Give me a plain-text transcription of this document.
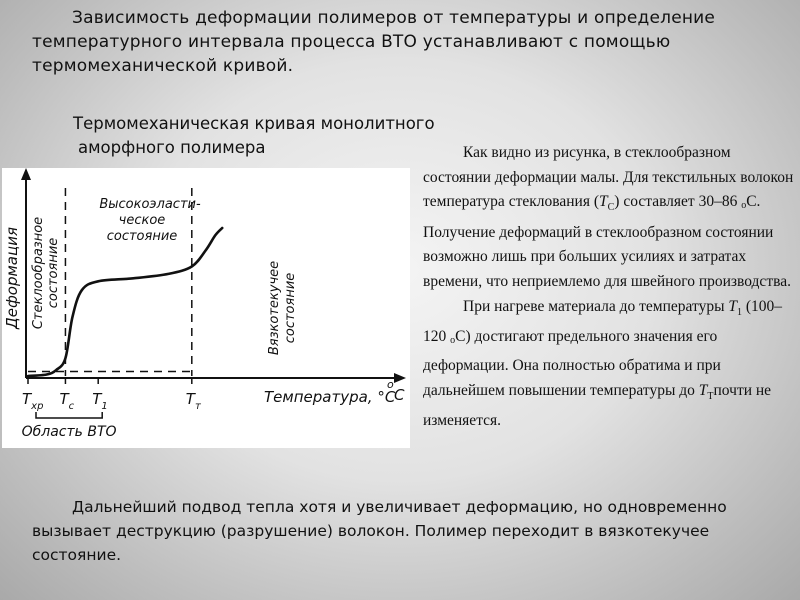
Зависимость деформации полимеров от температуры и определение
температурного интервала процесса ВТО устанавливают с помощью
термомеханической кривой.
Термомеханическая кривая монолитного
аморфного полимера
Деформация Стеклообразное состояние
Высокоэласти-
ческое
состояние
Вязкотекучее состояние
Температура, °C
о
C
$T_{хр}$ $T_с$ $T_1$	$T_т$
Область ВТО

Как видно из рисунка, в стеклообразном состоянии деформации малы. Для текстильных волокон температура стеклования $(Т_С)$ составляет 30–86 $_о$С. Получение деформаций в стеклообразном состоянии возможно лишь при больших усилиях и затратах времени, что неприемлемо для швейного производства.

При нагреве материала до температуры $Т_1$ (100–120 $_о$С) достигают предельного значения его деформации. Она полностью обратима и при дальнейшем повышении температуры до $Т_Тпочти$ не изменяется.

Дальнейший подвод тепла хотя и увеличивает деформацию, но одновременно вызывает деструкцию (разрушение) волокон. Полимер переходит в вязкотекучее состояние.
